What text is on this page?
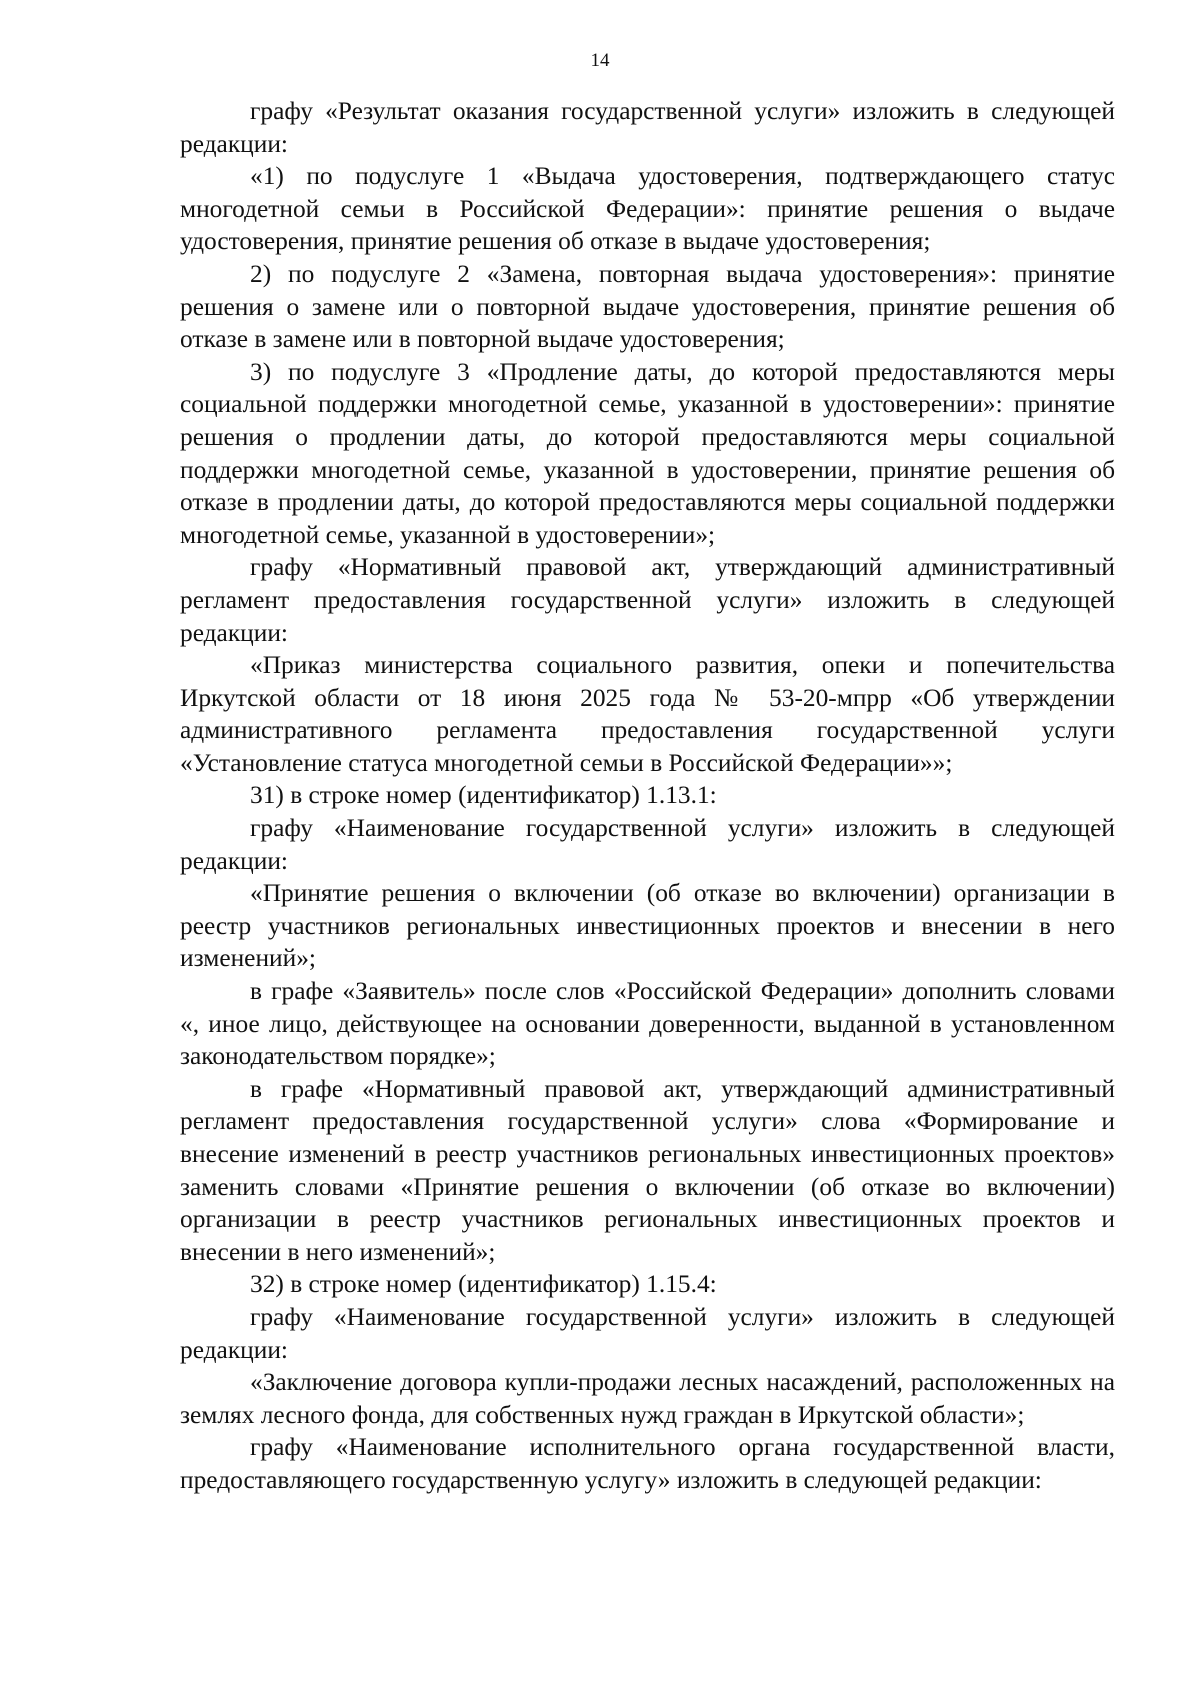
14

графу «Результат оказания государственной услуги» изложить в следующей редакции:

«1) по подуслуге 1 «Выдача удостоверения, подтверждающего статус многодетной семьи в Российской Федерации»: принятие решения о выдаче удостоверения, принятие решения об отказе в выдаче удостоверения;

2) по подуслуге 2 «Замена, повторная выдача удостоверения»: принятие решения о замене или о повторной выдаче удостоверения, принятие решения об отказе в замене или в повторной выдаче удостоверения;

3) по подуслуге 3 «Продление даты, до которой предоставляются меры социальной поддержки многодетной семье, указанной в удостоверении»: принятие решения о продлении даты, до которой предоставляются меры социальной поддержки многодетной семье, указанной в удостоверении, принятие решения об отказе в продлении даты, до которой предоставляются меры социальной поддержки многодетной семье, указанной в удостоверении»;

графу «Нормативный правовой акт, утверждающий административный регламент предоставления государственной услуги» изложить в следующей редакции:

«Приказ министерства социального развития, опеки и попечительства Иркутской области от 18 июня 2025 года № 53-20-мпрр «Об утверждении административного регламента предоставления государственной услуги «Установление статуса многодетной семьи в Российской Федерации»»;

31) в строке номер (идентификатор) 1.13.1:

графу «Наименование государственной услуги» изложить в следующей редакции:

«Принятие решения о включении (об отказе во включении) организации в реестр участников региональных инвестиционных проектов и внесении в него изменений»;

в графе «Заявитель» после слов «Российской Федерации» дополнить словами «, иное лицо, действующее на основании доверенности, выданной в установленном законодательством порядке»;

в графе «Нормативный правовой акт, утверждающий административный регламент предоставления государственной услуги» слова «Формирование и внесение изменений в реестр участников региональных инвестиционных проектов» заменить словами «Принятие решения о включении (об отказе во включении) организации в реестр участников региональных инвестиционных проектов и внесении в него изменений»;

32) в строке номер (идентификатор) 1.15.4:

графу «Наименование государственной услуги» изложить в следующей редакции:

«Заключение договора купли-продажи лесных насаждений, расположенных на землях лесного фонда, для собственных нужд граждан в Иркутской области»;

графу «Наименование исполнительного органа государственной власти, предоставляющего государственную услугу» изложить в следующей редакции:
